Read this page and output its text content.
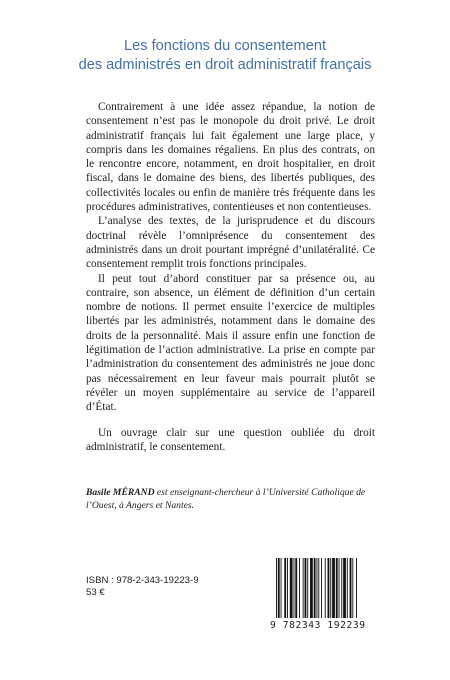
Les fonctions du consentement
des administrés en droit administratif français

Contrairement à une idée assez répandue, la notion de consentement n’est pas le monopole du droit privé. Le droit administratif français lui fait également une large place, y compris dans les domaines régaliens. En plus des contrats, on le rencontre encore, notamment, en droit hospitalier, en droit fiscal, dans le domaine des biens, des libertés publiques, des collectivités locales ou enfin de manière très fréquente dans les procédures administratives, contentieuses et non contentieuses.

L’analyse des textes, de la jurisprudence et du discours doctrinal révèle l’omniprésence du consentement des administrés dans un droit pourtant imprégné d’unilatéralité. Ce consentement remplit trois fonctions principales.

Il peut tout d’abord constituer par sa présence ou, au contraire, son absence, un élément de définition d’un certain nombre de notions. Il permet ensuite l’exercice de multiples libertés par les administrés, notamment dans le domaine des droits de la personnalité. Mais il assure enfin une fonction de légitimation de l’action administrative. La prise en compte par l’administration du consentement des administrés ne joue donc pas nécessairement en leur faveur mais pourrait plutôt se révéler un moyen supplémentaire au service de l’appareil d’État.

Un ouvrage clair sur une question oubliée du droit administratif, le consentement.

Basile MÉRAND est enseignant-chercheur à l’Université Catholique de l’Ouest, à Angers et Nantes.
ISBN : 978-2-343-19223-9
53 €
9 782343 192239
